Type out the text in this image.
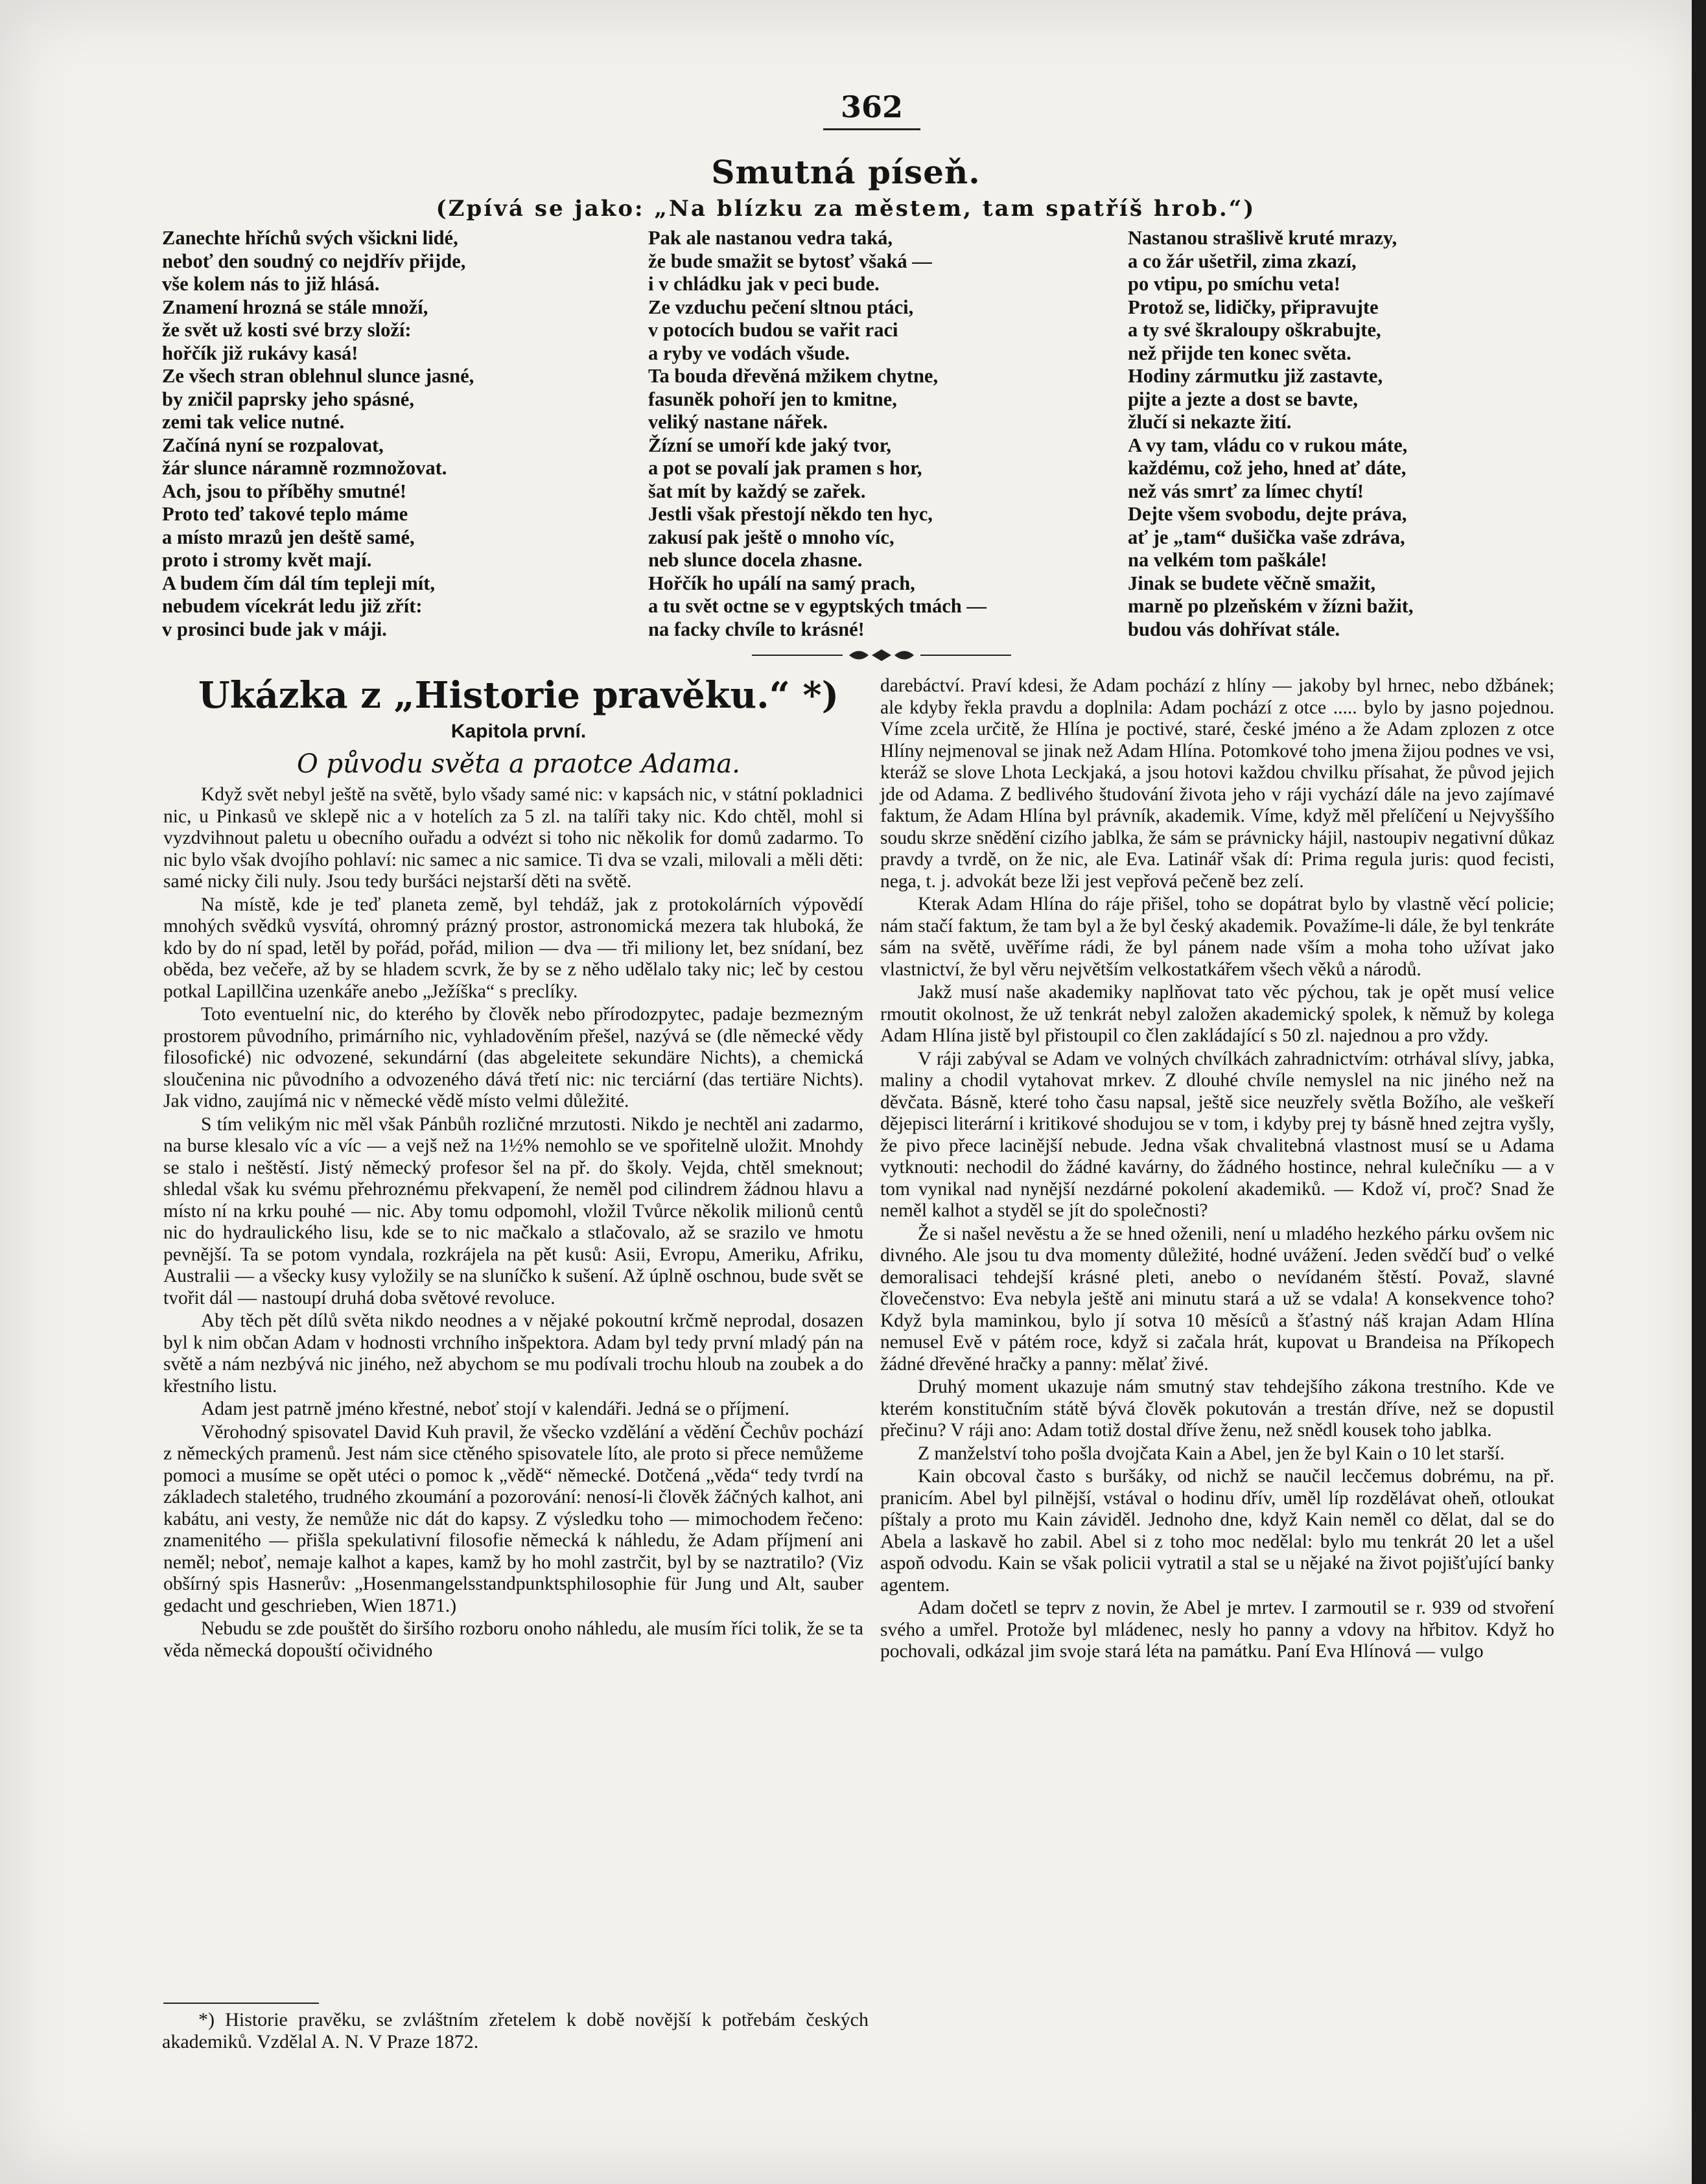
362
Smutná píseň.
(Zpívá se jako: „Na blízku za městem, tam spatříš hrob.“)
Zanechte hříchů svých všickni lidé,
neboť den soudný co nejdřív přijde,
vše kolem nás to již hlásá.
Znamení hrozná se stále množí,
že svět už kosti své brzy složí:
hořčík již rukávy kasá!
Ze všech stran oblehnul slunce jasné,
by zničil paprsky jeho spásné,
zemi tak velice nutné.
Začíná nyní se rozpalovat,
žár slunce náramně rozmnožovat.
Ach, jsou to příběhy smutné!
Proto teď takové teplo máme
a místo mrazů jen deště samé,
proto i stromy květ mají.
A budem čím dál tím tepleji mít,
nebudem vícekrát ledu již zřít:
v prosinci bude jak v máji.
Pak ale nastanou vedra taká,
že bude smažit se bytosť všaká —
i v chládku jak v peci bude.
Ze vzduchu pečení sltnou ptáci,
v potocích budou se vařit raci
a ryby ve vodách všude.
Ta bouda dřevěná mžikem chytne,
fasuněk pohoří jen to kmitne,
veliký nastane nářek.
Žízní se umoří kde jaký tvor,
a pot se povalí jak pramen s hor,
šat mít by každý se zařek.
Jestli však přestojí někdo ten hyc,
zakusí pak ještě o mnoho víc,
neb slunce docela zhasne.
Hořčík ho upálí na samý prach,
a tu svět octne se v egyptských tmách —
na facky chvíle to krásné!
Nastanou strašlivě kruté mrazy,
a co žár ušetřil, zima zkazí,
po vtipu, po smíchu veta!
Protož se, lidičky, připravujte
a ty své škraloupy oškrabujte,
než přijde ten konec světa.
Hodiny zármutku již zastavte,
pijte a jezte a dost se bavte,
žlučí si nekazte žití.
A vy tam, vládu co v rukou máte,
každému, což jeho, hned ať dáte,
než vás smrť za límec chytí!
Dejte všem svobodu, dejte práva,
ať je „tam“ dušička vaše zdráva,
na velkém tom paškále!
Jinak se budete věčně smažit,
marně po plzeňském v žízni bažit,
budou vás dohřívat stále.
Ukázka z „Historie pravěku.“ *)
Kapitola první.
O původu světa a praotce Adama.

Když svět nebyl ještě na světě, bylo všady samé nic: v kapsách nic, v státní pokladnici nic, u Pinkasů ve sklepě nic a v hotelích za 5 zl. na talíři taky nic. Kdo chtěl, mohl si vyzdvihnout paletu u obecního ouřadu a odvézt si toho nic několik for domů zadarmo. To nic bylo však dvojího pohlaví: nic samec a nic samice. Ti dva se vzali, milovali a měli děti: samé nicky čili nuly. Jsou tedy buršáci nejstarší děti na světě.

Na místě, kde je teď planeta země, byl tehdáž, jak z protokolárních výpovědí mnohých svědků vysvítá, ohromný prázný prostor, astronomická mezera tak hluboká, že kdo by do ní spad, letěl by pořád, pořád, milion — dva — tři miliony let, bez snídaní, bez oběda, bez večeře, až by se hladem scvrk, že by se z něho udělalo taky nic; leč by cestou potkal Lapillčina uzenkáře anebo „Ježíška“ s preclíky.

Toto eventuelní nic, do kterého by člověk nebo přírodozpytec, padaje bezmezným prostorem původního, primárního nic, vyhladověním přešel, nazývá se (dle německé vědy filosofické) nic odvozené, sekundární (das abgeleitete sekundäre Nichts), a chemická sloučenina nic původního a odvozeného dává třetí nic: nic terciární (das tertiäre Nichts). Jak vidno, zaujímá nic v německé vědě místo velmi důležité.

S tím velikým nic měl však Pánbůh rozličné mrzutosti. Nikdo je nechtěl ani zadarmo, na burse klesalo víc a víc — a vejš než na 1½% nemohlo se ve spořitelně uložit. Mnohdy se stalo i neštěstí. Jistý německý profesor šel na př. do školy. Vejda, chtěl smeknout; shledal však ku svému přehroznému překvapení, že neměl pod cilindrem žádnou hlavu a místo ní na krku pouhé — nic. Aby tomu odpomohl, vložil Tvůrce několik milionů centů nic do hydraulického lisu, kde se to nic mačkalo a stlačovalo, až se srazilo ve hmotu pevnější. Ta se potom vyndala, rozkrájela na pět kusů: Asii, Evropu, Ameriku, Afriku, Australii — a všecky kusy vyložily se na sluníčko k sušení. Až úplně oschnou, bude svět se tvořit dál — nastoupí druhá doba světové revoluce.

Aby těch pět dílů světa nikdo neodnes a v nějaké pokoutní krčmě neprodal, dosazen byl k nim občan Adam v hodnosti vrchního inšpektora. Adam byl tedy první mladý pán na světě a nám nezbývá nic jiného, než abychom se mu podívali trochu hloub na zoubek a do křestního listu.

Adam jest patrně jméno křestné, neboť stojí v kalendáři. Jedná se o příjmení.

Věrohodný spisovatel David Kuh pravil, že všecko vzdělání a vědění Čechův pochází z německých pramenů. Jest nám sice ctěného spisovatele líto, ale proto si přece nemůžeme pomoci a musíme se opět utéci o pomoc k „vědě“ německé. Dotčená „věda“ tedy tvrdí na základech staletého, trudného zkoumání a pozorování: nenosí-li člověk žáčných kalhot, ani kabátu, ani vesty, že nemůže nic dát do kapsy. Z výsledku toho — mimochodem řečeno: znamenitého — přišla spekulativní filosofie německá k náhledu, že Adam příjmení ani neměl; neboť, nemaje kalhot a kapes, kamž by ho mohl zastrčit, byl by se naztratilo? (Viz obšírný spis Hasnerův: „Hosenmangelsstandpunktsphilosophie für Jung und Alt, sauber gedacht und geschrieben, Wien 1871.)

Nebudu se zde pouštět do širšího rozboru onoho náhledu, ale musím říci tolik, že se ta věda německá dopouští očividného

darebáctví. Praví kdesi, že Adam pochází z hlíny — jakoby byl hrnec, nebo džbánek; ale kdyby řekla pravdu a doplnila: Adam pochází z otce ..... bylo by jasno pojednou. Víme zcela určitě, že Hlína je poctivé, staré, české jméno a že Adam zplozen z otce Hlíny nejmenoval se jinak než Adam Hlína. Potomkové toho jmena žijou podnes ve vsi, kteráž se slove Lhota Leckjaká, a jsou hotovi každou chvilku přísahat, že původ jejich jde od Adama. Z bedlivého študování života jeho v ráji vychází dále na jevo zajímavé faktum, že Adam Hlína byl právník, akademik. Víme, když měl přelíčení u Nejvyššího soudu skrze snědění cizího jablka, že sám se právnicky hájil, nastoupiv negativní důkaz pravdy a tvrdě, on že nic, ale Eva. Latinář však dí: Prima regula juris: quod fecisti, nega, t. j. advokát beze lži jest vepřová pečeně bez zelí.

Kterak Adam Hlína do ráje přišel, toho se dopátrat bylo by vlastně věcí policie; nám stačí faktum, že tam byl a že byl český akademik. Považíme-li dále, že byl tenkráte sám na světě, uvěříme rádi, že byl pánem nade vším a moha toho užívat jako vlastnictví, že byl věru největším velkostatkářem všech věků a národů.

Jakž musí naše akademiky naplňovat tato věc pýchou, tak je opět musí velice rmoutit okolnost, že už tenkrát nebyl založen akademický spolek, k němuž by kolega Adam Hlína jistě byl přistoupil co člen zakládající s 50 zl. najednou a pro vždy.

V ráji zabýval se Adam ve volných chvílkách zahradnictvím: otrhával slívy, jabka, maliny a chodil vytahovat mrkev. Z dlouhé chvíle nemyslel na nic jiného než na děvčata. Básně, které toho času napsal, ještě sice neuzřely světla Božího, ale veškeří dějepisci literární i kritikové shodujou se v tom, i kdyby prej ty básně hned zejtra vyšly, že pivo přece lacinější nebude. Jedna však chvalitebná vlastnost musí se u Adama vytknouti: nechodil do žádné kavárny, do žádného hostince, nehral kulečníku — a v tom vynikal nad nynější nezdárné pokolení akademiků. — Kdož ví, proč? Snad že neměl kalhot a styděl se jít do společnosti?

Že si našel nevěstu a že se hned oženili, není u mladého hezkého párku ovšem nic divného. Ale jsou tu dva momenty důležité, hodné uvážení. Jeden svědčí buď o velké demoralisaci tehdejší krásné pleti, anebo o nevídaném štěstí. Považ, slavné človečenstvo: Eva nebyla ještě ani minutu stará a už se vdala! A konsekvence toho? Když byla maminkou, bylo jí sotva 10 měsíců a šťastný náš krajan Adam Hlína nemusel Evě v pátém roce, když si začala hrát, kupovat u Brandeisa na Příkopech žádné dřevěné hračky a panny: mělať živé.

Druhý moment ukazuje nám smutný stav tehdejšího zákona trestního. Kde ve kterém konstitučním státě bývá člověk pokutován a trestán dříve, než se dopustil přečinu? V ráji ano: Adam totiž dostal dříve ženu, než snědl kousek toho jablka.

Z manželství toho pošla dvojčata Kain a Abel, jen že byl Kain o 10 let starší.

Kain obcoval často s buršáky, od nichž se naučil lecčemus dobrému, na př. pranicím. Abel byl pilnější, vstával o hodinu dřív, uměl líp rozdělávat oheň, otloukat píštaly a proto mu Kain záviděl. Jednoho dne, když Kain neměl co dělat, dal se do Abela a laskavě ho zabil. Abel si z toho moc nedělal: bylo mu tenkrát 20 let a ušel aspoň odvodu. Kain se však policii vytratil a stal se u nějaké na život pojišťující banky agentem.

Adam dočetl se teprv z novin, že Abel je mrtev. I zarmoutil se r. 939 od stvoření svého a umřel. Protože byl mládenec, nesly ho panny a vdovy na hřbitov. Když ho pochovali, odkázal jim svoje stará léta na památku. Paní Eva Hlínová — vulgo

*) Historie pravěku, se zvláštním zřetelem k době novější k potřebám českých akademiků. Vzdělal A. N. V Praze 1872.
